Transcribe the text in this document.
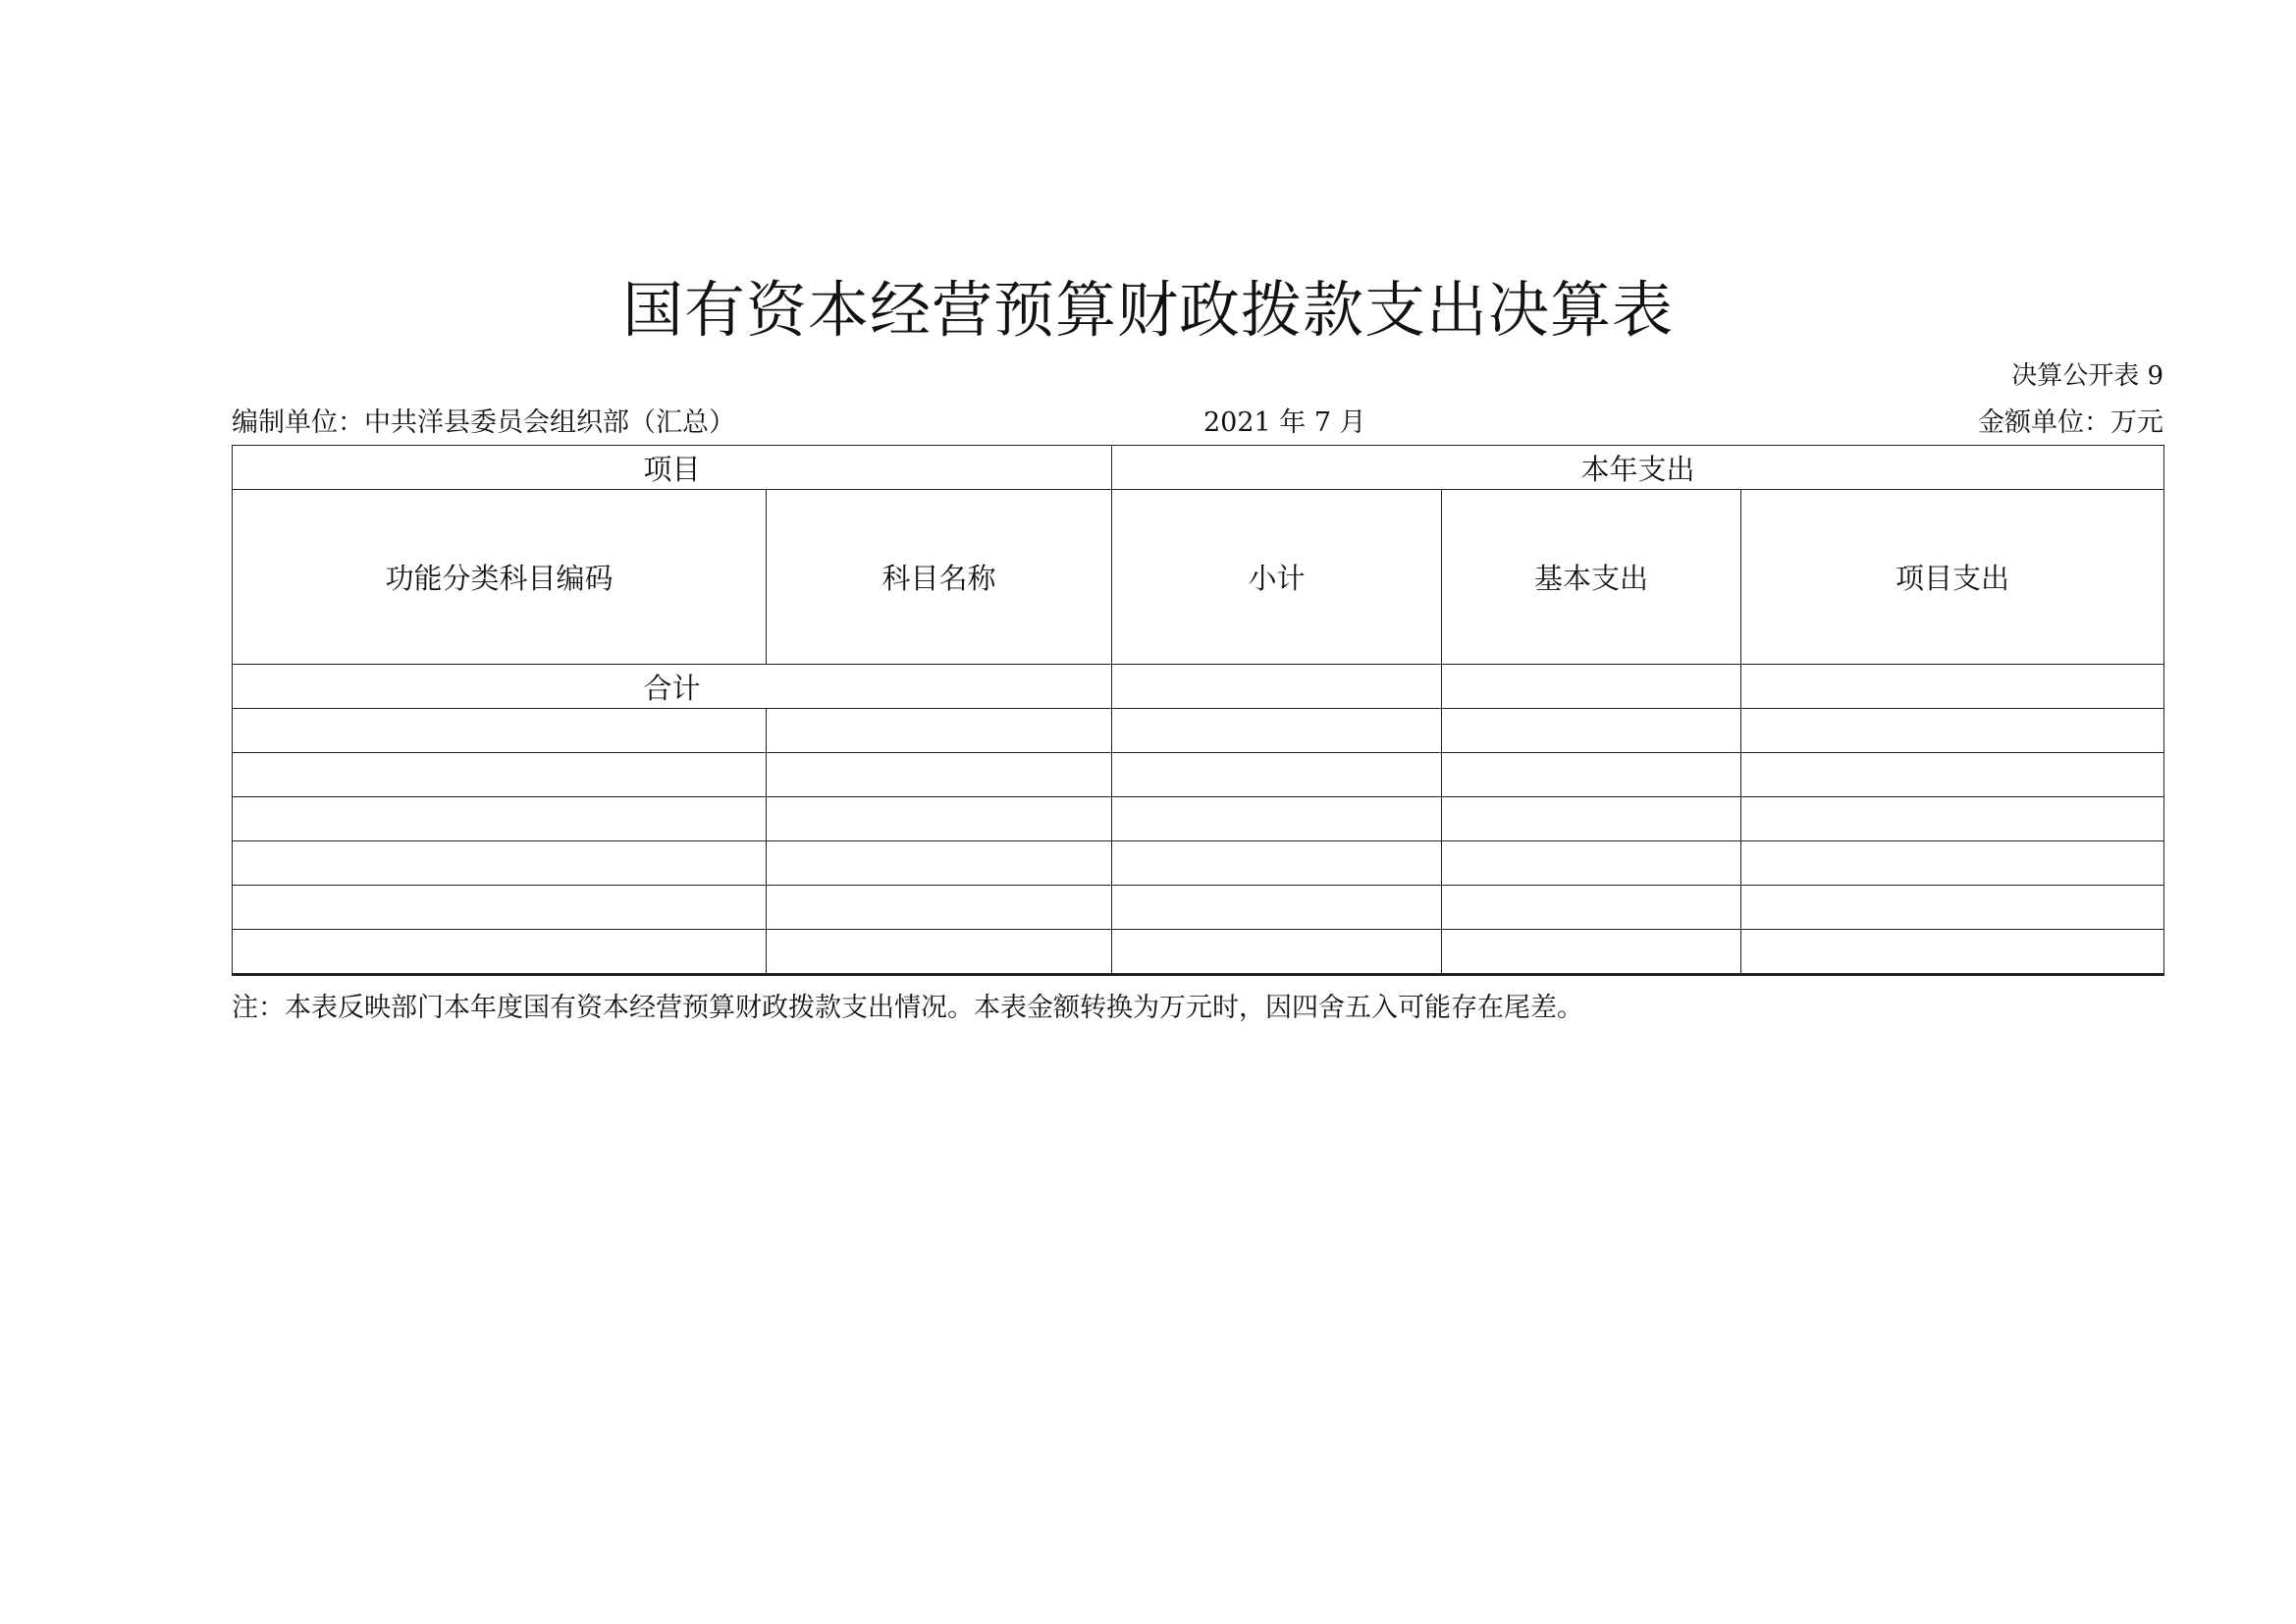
国有资本经营预算财政拨款支出决算表
决算公开表 9
编制单位：中共洋县委员会组织部（汇总）	2021 年 7 月	金额单位：万元
项目		本年支出		
功能分类科目编码	科目名称	小计	基本支出	项目支出
合计				

注：本表反映部门本年度国有资本经营预算财政拨款支出情况。本表金额转换为万元时，因四舍五入可能存在尾差。
